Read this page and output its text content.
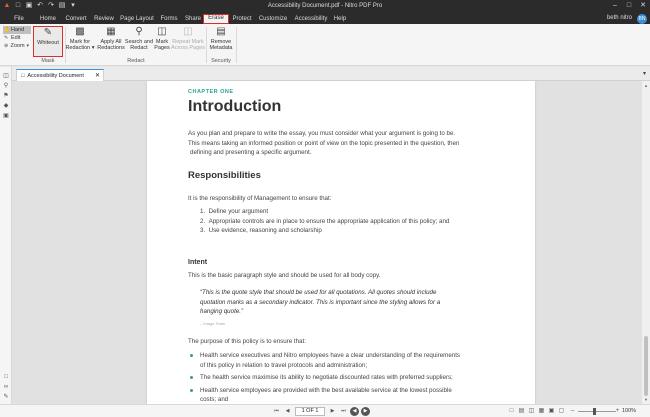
▲ □ ▣ ↶ ↷ ▤ ▾	Accessibility Document.pdf - Nitro PDF Pro	–	□	✕
File	Home	Convert Review Page Layout Forms	Share	Erase	Protect Customize Accessibility	Help	beth nitro	BN
✋ Hand
✎ Edit
⊕ Zoom ▾
✎
Whiteout
Mask
▩
Mark for
Redaction ▾
▦
Apply All
Redactions
⚲
Search and
Redact
◫
Mark
Pages
◫
Repeat Mark
Across Pages
Redact
▤
Remove
Metadata
Security
◫
⚲
⚑
◆
▣
□
∞
✎
□ Accessibility Document ✕	▾
CHAPTER ONE
Introduction
As you plan and prepare to write the essay, you must consider what your argument is going to be.
This means taking an informed position or point of view on the topic presented in the question, then
defining and presenting a specific argument.
Responsibilities
It is the responsibility of Management to ensure that:
1.  Define your argument
2.  Appropriate controls are in place to ensure the appropriate application of this policy; and
3.  Use evidence, reasoning and scholarship
Intent
This is the basic paragraph style and should be used for all body copy.
“This is the quote style that should be used for all quotations. All quotes should include
quotation marks as a secondary indicator. This is important since the styling allows for a
hanging quote.”
– Image Team
The purpose of this policy is to ensure that:
Health service executives and Nitro employees have a clear understanding of the requirements
of this policy in relation to travel protocols and administration;
The health service maximise its ability to negotiate discounted rates with preferred suppliers;
Health service employees are provided with the best available service at the lowest possible
costs; and
▲
▼
⏮	◀	1 OF 1	▶	⏭	◀	▶	□ ▤ ◫ ▦ ▣ ▢	–	+ 100%
